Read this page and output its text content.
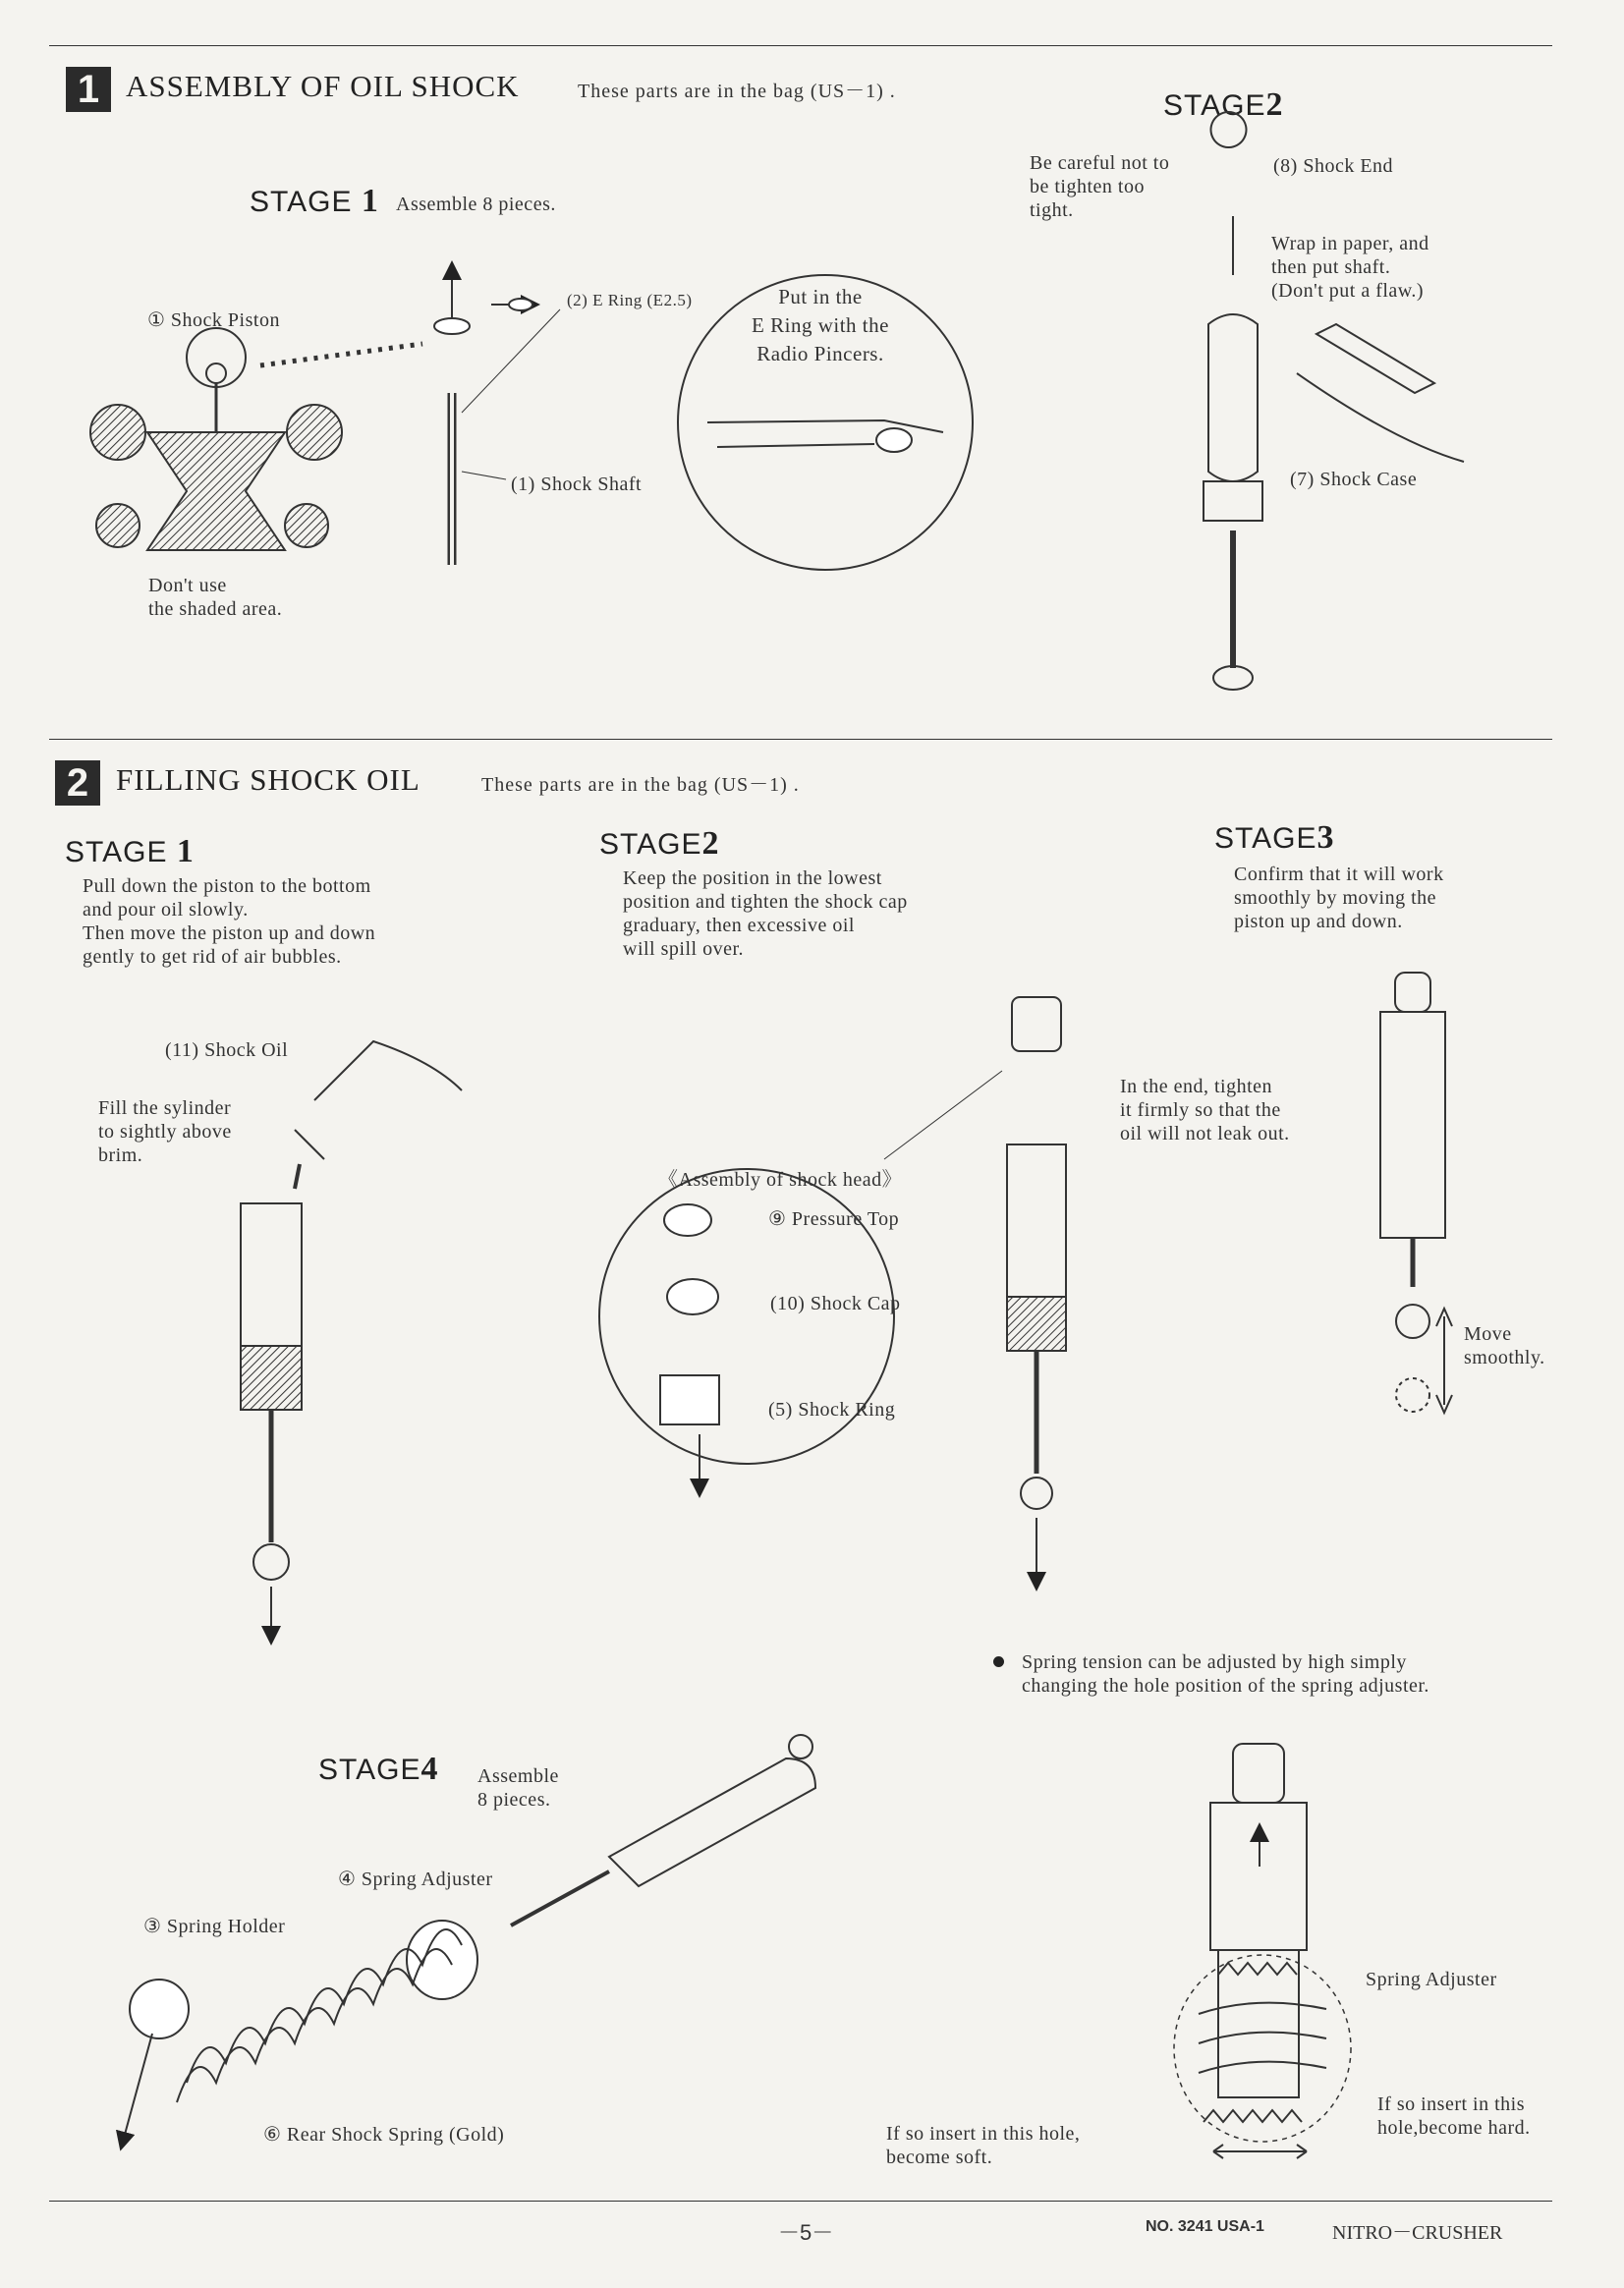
1 ASSEMBLY OF OIL SHOCK	These parts are in the bag (US－1) .
STAGE 1 Assemble 8 pieces.
① Shock Piston
(2) E Ring (E2.5)
(1) Shock Shaft
Don't use
the shaded area.
Put in the
E Ring with the
Radio Pincers.
STAGE2
Be careful not to
be tighten too
tight.
(8) Shock End
Wrap in paper, and
then put shaft.
(Don't put a flaw.)
(7) Shock Case
2 FILLING SHOCK OIL	These parts are in the bag (US－1) .
STAGE 1
Pull down the piston to the bottom
and pour oil slowly.
Then move the piston up and down
gently to get rid of air bubbles.
(11) Shock Oil
Fill the sylinder
to sightly above
brim.
STAGE2
Keep the position in the lowest
position and tighten the shock cap
graduary, then excessive oil
will spill over.
《Assembly of shock head》
⑨ Pressure Top
(10) Shock Cap
(5) Shock Ring
In the end, tighten
it firmly so that the
oil will not leak out.
STAGE3
Confirm that it will work
smoothly by moving the
piston up and down.
Move
smoothly.
Spring tension can be adjusted by high simply
changing the hole position of the spring adjuster.
STAGE4 Assemble
8 pieces.
④ Spring Adjuster
③ Spring Holder
⑥ Rear Shock Spring (Gold)
Spring Adjuster
If so insert in this
hole,become hard.
If so insert in this hole,
become soft.
－5－	NO. 3241 USA-1	NITRO－CRUSHER
